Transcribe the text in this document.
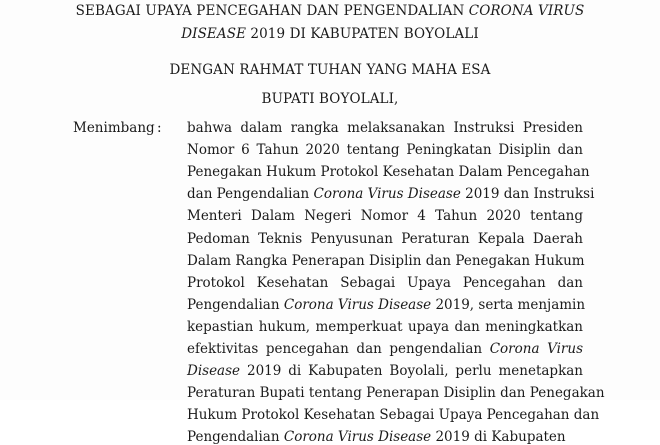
SEBAGAI UPAYA PENCEGAHAN DAN PENGENDALIAN CORONA VIRUS
DISEASE 2019 DI KABUPATEN BOYOLALI
DENGAN RAHMAT TUHAN YANG MAHA ESA
BUPATI BOYOLALI,
Menimbang : bahwa dalam rangka melaksanakan Instruksi Presiden
Nomor 6 Tahun 2020 tentang Peningkatan Disiplin dan
Penegakan Hukum Protokol Kesehatan Dalam Pencegahan
dan Pengendalian Corona Virus Disease 2019 dan Instruksi
Menteri Dalam Negeri Nomor 4 Tahun 2020 tentang
Pedoman Teknis Penyusunan Peraturan Kepala Daerah
Dalam Rangka Penerapan Disiplin dan Penegakan Hukum
Protokol Kesehatan Sebagai Upaya Pencegahan dan
Pengendalian Corona Virus Disease 2019, serta menjamin
kepastian hukum, memperkuat upaya dan meningkatkan
efektivitas pencegahan dan pengendalian Corona Virus
Disease 2019 di Kabupaten Boyolali, perlu menetapkan
Peraturan Bupati tentang Penerapan Disiplin dan Penegakan
Hukum Protokol Kesehatan Sebagai Upaya Pencegahan dan
Pengendalian Corona Virus Disease 2019 di Kabupaten
